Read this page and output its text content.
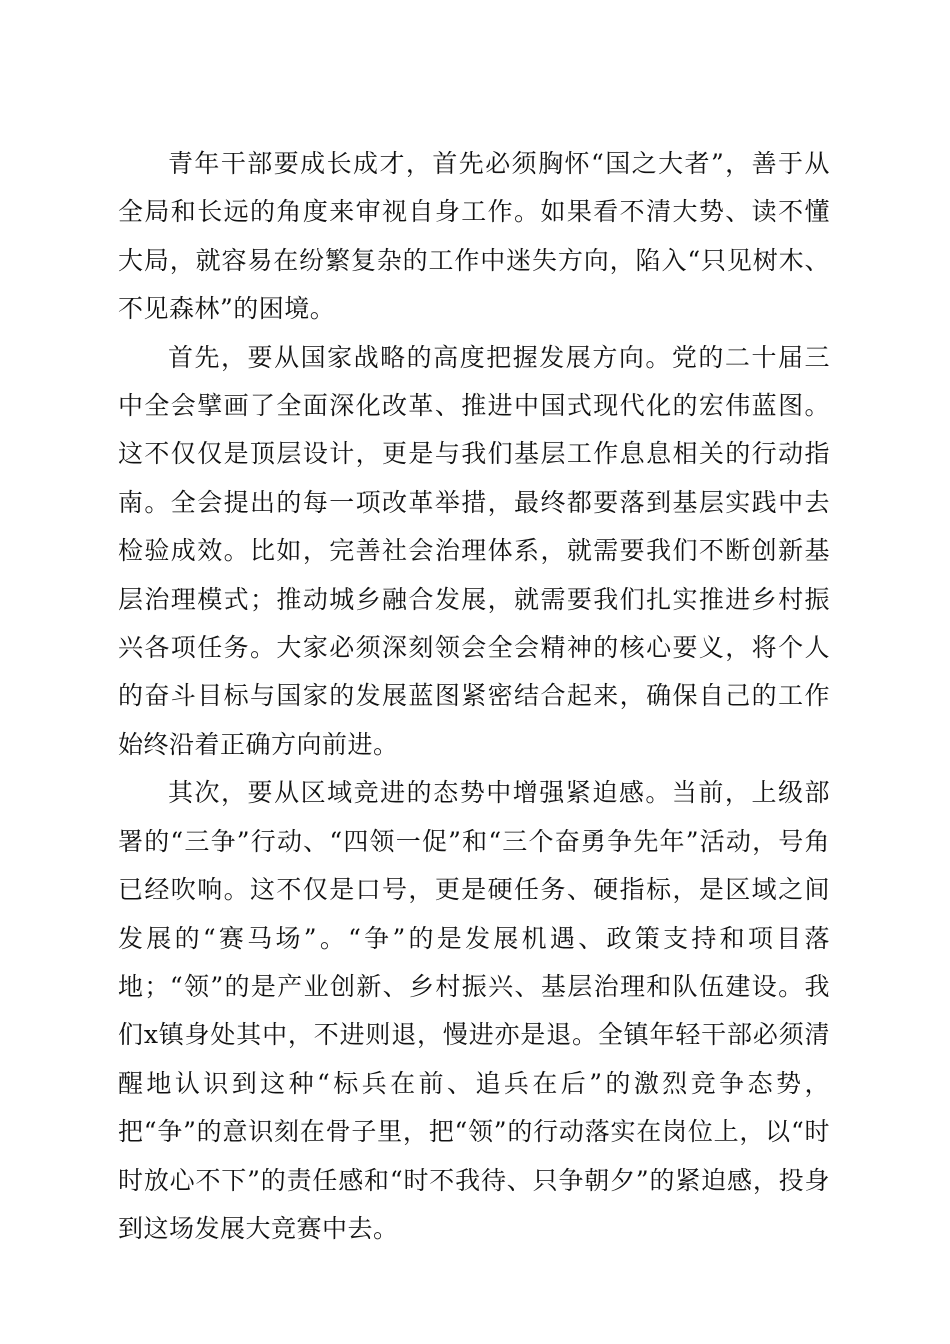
青年干部要成长成才，首先必须胸怀“国之大者”，善于从全局和长远的角度来审视自身工作。如果看不清大势、读不懂大局，就容易在纷繁复杂的工作中迷失方向，陷入“只见树木、不见森林”的困境。

首先，要从国家战略的高度把握发展方向。党的二十届三中全会擘画了全面深化改革、推进中国式现代化的宏伟蓝图。这不仅仅是顶层设计，更是与我们基层工作息息相关的行动指南。全会提出的每一项改革举措，最终都要落到基层实践中去检验成效。比如，完善社会治理体系，就需要我们不断创新基层治理模式；推动城乡融合发展，就需要我们扎实推进乡村振兴各项任务。大家必须深刻领会全会精神的核心要义，将个人的奋斗目标与国家的发展蓝图紧密结合起来，确保自己的工作始终沿着正确方向前进。

其次，要从区域竞进的态势中增强紧迫感。当前，上级部署的“三争”行动、“四领一促”和“三个奋勇争先年”活动，号角已经吹响。这不仅是口号，更是硬任务、硬指标，是区域之间发展的“赛马场”。“争”的是发展机遇、政策支持和项目落地；“领”的是产业创新、乡村振兴、基层治理和队伍建设。我们x镇身处其中，不进则退，慢进亦是退。全镇年轻干部必须清醒地认识到这种“标兵在前、追兵在后”的激烈竞争态势，把“争”的意识刻在骨子里，把“领”的行动落实在岗位上，以“时时放心不下”的责任感和“时不我待、只争朝夕”的紧迫感，投身到这场发展大竞赛中去。
